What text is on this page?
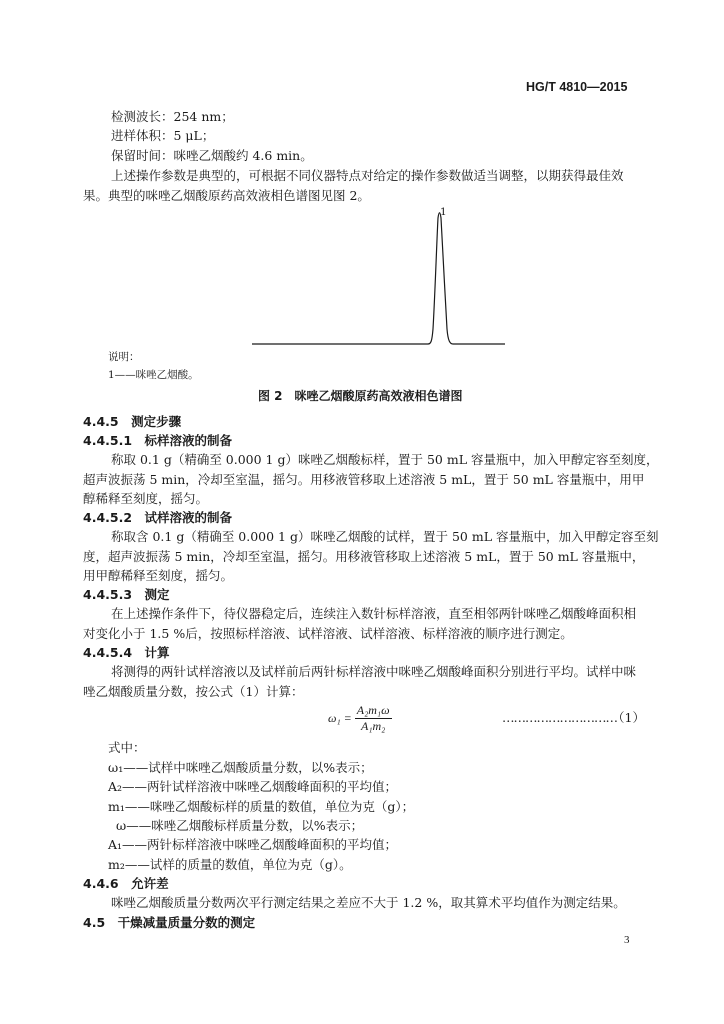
HG/T 4810—2015
检测波长：254 nm；
进样体积：5 μL；
保留时间：咪唑乙烟酸约 4.6 min。
上述操作参数是典型的，可根据不同仪器特点对给定的操作参数做适当调整，以期获得最佳效
果。典型的咪唑乙烟酸原药高效液相色谱图见图 2。
1
说明：
1——咪唑乙烟酸。
图 2　咪唑乙烟酸原药高效液相色谱图
4.4.5　测定步骤
4.4.5.1　标样溶液的制备
称取 0.1 g（精确至 0.000 1 g）咪唑乙烟酸标样，置于 50 mL 容量瓶中，加入甲醇定容至刻度，
超声波振荡 5 min，冷却至室温，摇匀。用移液管移取上述溶液 5 mL，置于 50 mL 容量瓶中，用甲
醇稀释至刻度，摇匀。
4.4.5.2　试样溶液的制备
称取含 0.1 g（精确至 0.000 1 g）咪唑乙烟酸的试样，置于 50 mL 容量瓶中，加入甲醇定容至刻
度，超声波振荡 5 min，冷却至室温，摇匀。用移液管移取上述溶液 5 mL，置于 50 mL 容量瓶中，
用甲醇稀释至刻度，摇匀。
4.4.5.3　测定
在上述操作条件下，待仪器稳定后，连续注入数针标样溶液，直至相邻两针咪唑乙烟酸峰面积相
对变化小于 1.5 %后，按照标样溶液、试样溶液、试样溶液、标样溶液的顺序进行测定。
4.4.5.4　计算
将测得的两针试样溶液以及试样前后两针标样溶液中咪唑乙烟酸峰面积分别进行平均。试样中咪
唑乙烟酸质量分数，按公式（1）计算：
$\omega_1 = \frac{\text{A₂m₁ω}}{\text{A₁m₂}}$	…………………………
（1）
式中：
ω₁——试样中咪唑乙烟酸质量分数，以%表示；
A₂——两针试样溶液中咪唑乙烟酸峰面积的平均值；
m₁——咪唑乙烟酸标样的质量的数值，单位为克（g）；
ω——咪唑乙烟酸标样质量分数，以%表示；
A₁——两针标样溶液中咪唑乙烟酸峰面积的平均值；
m₂——试样的质量的数值，单位为克（g）。
4.4.6　允许差
咪唑乙烟酸质量分数两次平行测定结果之差应不大于 1.2 %，取其算术平均值作为测定结果。
4.5　干燥减量质量分数的测定
3
